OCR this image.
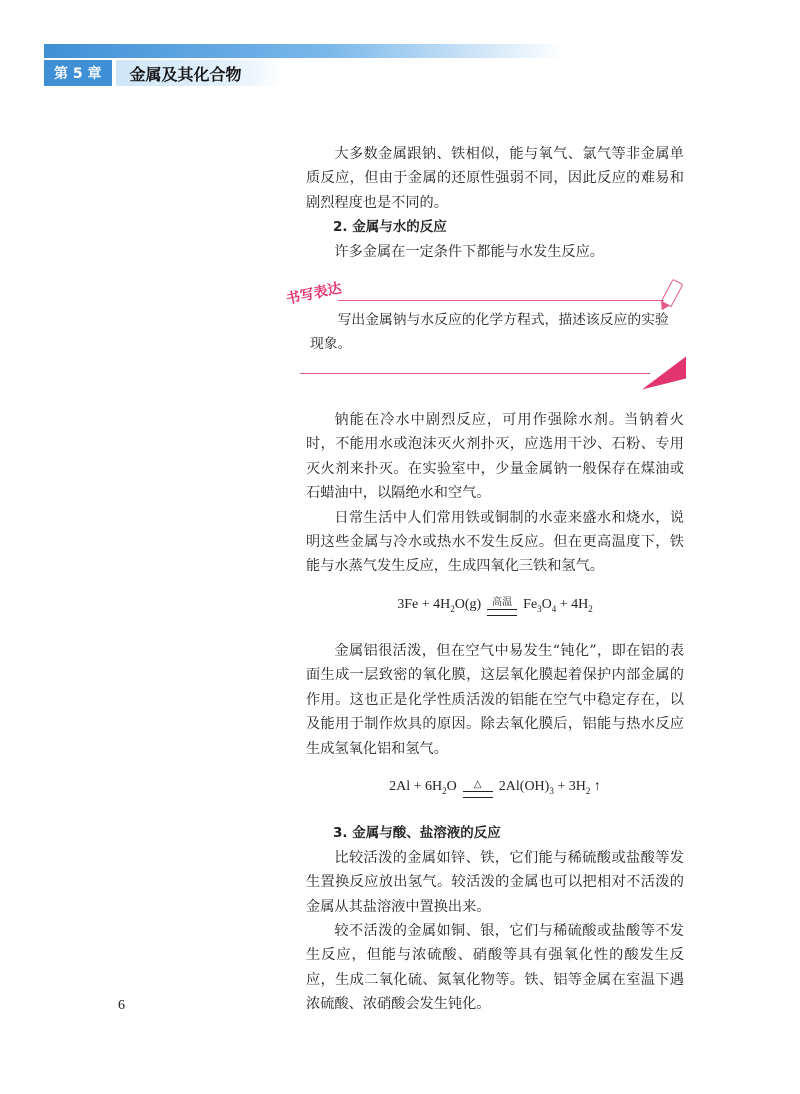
第 5 章	金属及其化合物

大多数金属跟钠、铁相似，能与氧气、氯气等非金属单质反应，但由于金属的还原性强弱不同，因此反应的难易和剧烈程度也是不同的。

2. 金属与水的反应

许多金属在一定条件下都能与水发生反应。

书写表达
写出金属钠与水反应的化学方程式，描述该反应的实验现象。

钠能在冷水中剧烈反应，可用作强除水剂。当钠着火时，不能用水或泡沫灭火剂扑灭，应选用干沙、石粉、专用灭火剂来扑灭。在实验室中，少量金属钠一般保存在煤油或石蜡油中，以隔绝水和空气。

日常生活中人们常用铁或铜制的水壶来盛水和烧水，说明这些金属与冷水或热水不发生反应。但在更高温度下，铁能与水蒸气发生反应，生成四氧化三铁和氢气。

$3Fe + 4H_2O(g)$ 高温 $Fe_3O_4 + 4H_2$

金属铝很活泼，但在空气中易发生“钝化”，即在铝的表面生成一层致密的氧化膜，这层氧化膜起着保护内部金属的作用。这也正是化学性质活泼的铝能在空气中稳定存在，以及能用于制作炊具的原因。除去氧化膜后，铝能与热水反应生成氢氧化铝和氢气。

$2Al + 6H_2O$ △ $2Al(OH)_3 + 3H_2$ ↑

3. 金属与酸、盐溶液的反应

比较活泼的金属如锌、铁，它们能与稀硫酸或盐酸等发生置换反应放出氢气。较活泼的金属也可以把相对不活泼的金属从其盐溶液中置换出来。

较不活泼的金属如铜、银，它们与稀硫酸或盐酸等不发生反应，但能与浓硫酸、硝酸等具有强氧化性的酸发生反应，生成二氧化硫、氮氧化物等。铁、铝等金属在室温下遇浓硫酸、浓硝酸会发生钝化。

6
